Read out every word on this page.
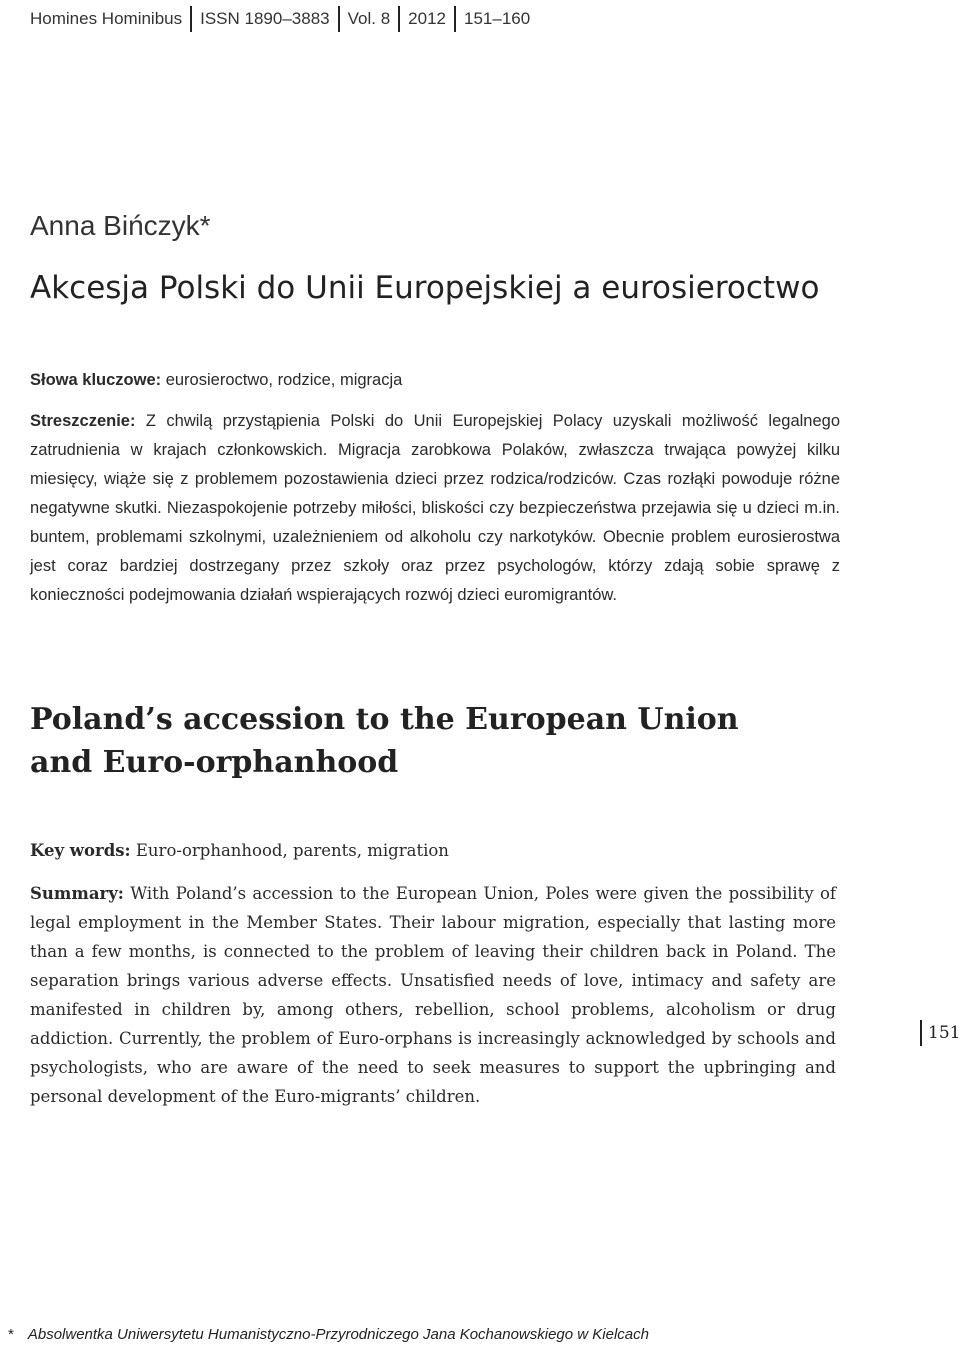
Homines Hominibus ISSN 1890–3883 Vol. 8 2012 151–160
Anna Bińczyk*
Akcesja Polski do Unii Europejskiej a eurosieroctwo

Słowa kluczowe: eurosieroctwo, rodzice, migracja

Streszczenie: Z chwilą przystąpienia Polski do Unii Europejskiej Polacy uzyskali możliwość legalnego zatrudnienia w krajach członkowskich. Migracja zarobkowa Polaków, zwłaszcza trwająca powyżej kilku miesięcy, wiąże się z problemem pozostawienia dzieci przez rodzica/rodziców. Czas rozłąki powoduje różne negatywne skutki. Niezaspokojenie potrzeby miłości, bliskości czy bezpieczeństwa przejawia się u dzieci m.in. buntem, problemami szkolnymi, uzależnieniem od alkoholu czy narkotyków. Obecnie problem eurosierostwa jest coraz bardziej dostrzegany przez szkoły oraz przez psychologów, którzy zdają sobie sprawę z konieczności podejmowania działań wspierających rozwój dzieci euromigrantów.

Poland’s accession to the European Union
and Euro-orphanhood

Key words: Euro-orphanhood, parents, migration

Summary: With Poland’s accession to the European Union, Poles were given the possibility of legal employment in the Member States. Their labour migration, especially that lasting more than a few months, is connected to the problem of leaving their children back in Poland. The separation brings various adverse effects. Unsatisfied needs of love, intimacy and safety are manifested in children by, among others, rebellion, school problems, alcoholism or drug addiction. Currently, the problem of Euro-orphans is increasingly acknowledged by schools and psychologists, who are aware of the need to seek measures to support the upbringing and personal development of the Euro-migrants’ children.

151
* Absolwentka Uniwersytetu Humanistyczno-Przyrodniczego Jana Kochanowskiego w Kielcach
